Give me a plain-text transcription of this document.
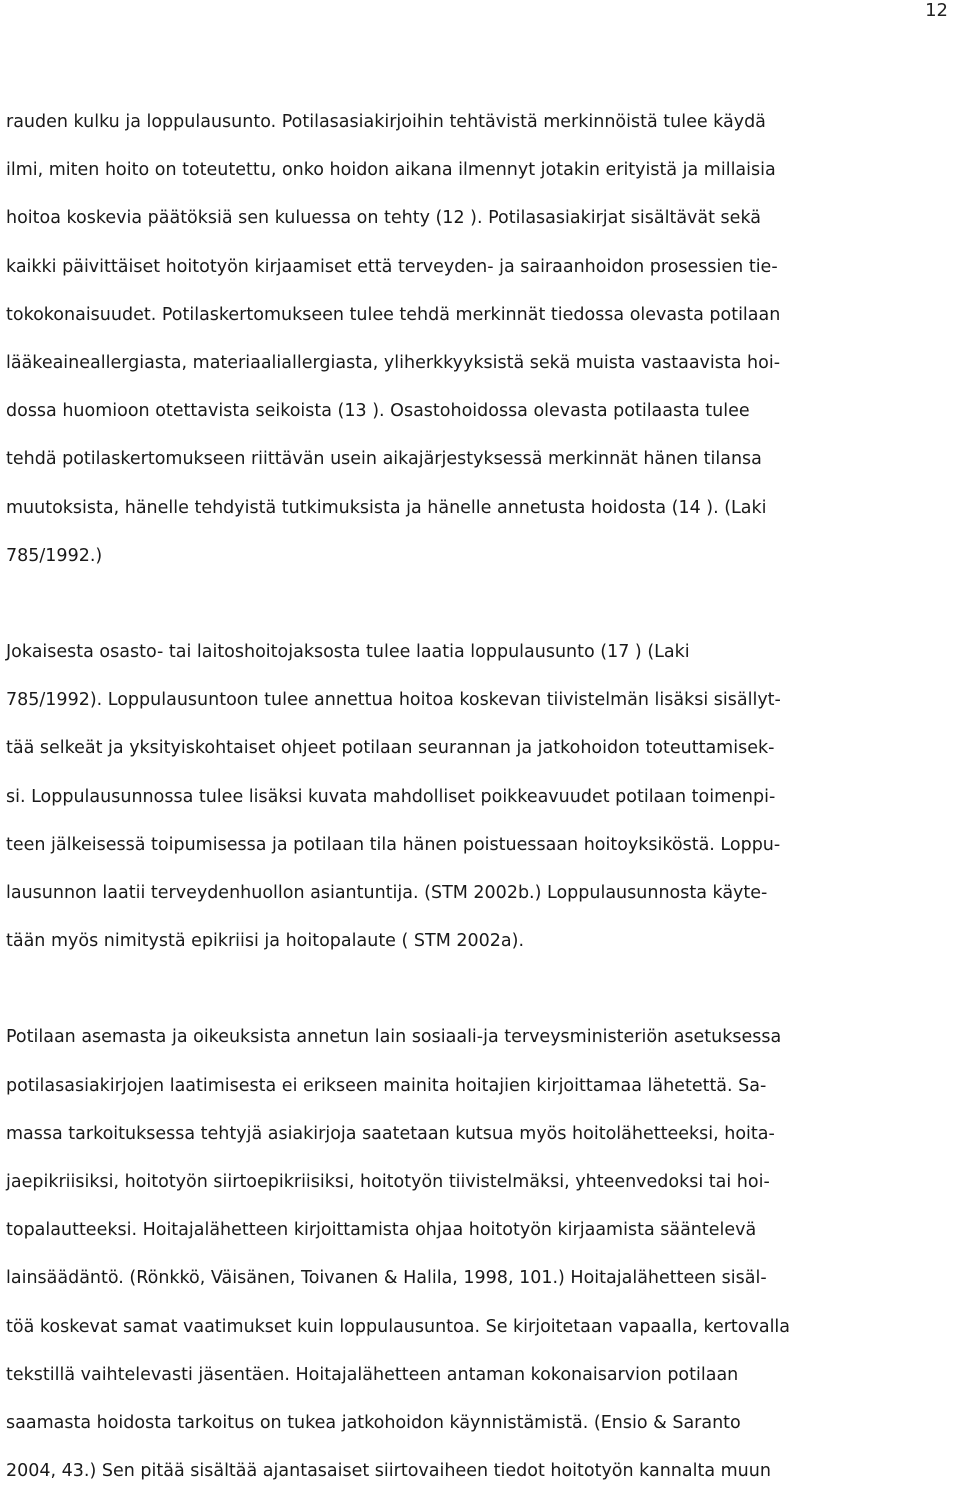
12

rauden kulku ja loppulausunto. Potilasasiakirjoihin tehtävistä merkinnöistä tulee käydä
ilmi, miten hoito on toteutettu, onko hoidon aikana ilmennyt jotakin erityistä ja millaisia
hoitoa koskevia päätöksiä sen kuluessa on tehty (12 ). Potilasasiakirjat sisältävät sekä
kaikki päivittäiset hoitotyön kirjaamiset että terveyden- ja sairaanhoidon prosessien tie-
tokokonaisuudet. Potilaskertomukseen tulee tehdä merkinnät tiedossa olevasta potilaan
lääkeaineallergiasta, materiaaliallergiasta, yliherkkyyksistä sekä muista vastaavista hoi-
dossa huomioon otettavista seikoista (13 ). Osastohoidossa olevasta potilaasta tulee
tehdä potilaskertomukseen riittävän usein aikajärjestyksessä merkinnät hänen tilansa
muutoksista, hänelle tehdyistä tutkimuksista ja hänelle annetusta hoidosta (14 ). (Laki
785/1992.)

Jokaisesta osasto- tai laitoshoitojaksosta tulee laatia loppulausunto (17 ) (Laki
785/1992). Loppulausuntoon tulee annettua hoitoa koskevan tiivistelmän lisäksi sisällyt-
tää selkeät ja yksityiskohtaiset ohjeet potilaan seurannan ja jatkohoidon toteuttamisek-
si. Loppulausunnossa tulee lisäksi kuvata mahdolliset poikkeavuudet potilaan toimenpi-
teen jälkeisessä toipumisessa ja potilaan tila hänen poistuessaan hoitoyksiköstä. Loppu-
lausunnon laatii terveydenhuollon asiantuntija. (STM 2002b.) Loppulausunnosta käyte-
tään myös nimitystä epikriisi ja hoitopalaute ( STM 2002a).

Potilaan asemasta ja oikeuksista annetun lain sosiaali-ja terveysministeriön asetuksessa
potilasasiakirjojen laatimisesta ei erikseen mainita hoitajien kirjoittamaa lähetettä. Sa-
massa tarkoituksessa tehtyjä asiakirjoja saatetaan kutsua myös hoitolähetteeksi, hoita-
jaepikriisiksi, hoitotyön siirtoepikriisiksi, hoitotyön tiivistelmäksi, yhteenvedoksi tai hoi-
topalautteeksi. Hoitajalähetteen kirjoittamista ohjaa hoitotyön kirjaamista sääntelevä
lainsäädäntö. (Rönkkö, Väisänen, Toivanen & Halila, 1998, 101.) Hoitajalähetteen sisäl-
töä koskevat samat vaatimukset kuin loppulausuntoa. Se kirjoitetaan vapaalla, kertovalla
tekstillä vaihtelevasti jäsentäen. Hoitajalähetteen antaman kokonaisarvion potilaan
saamasta hoidosta tarkoitus on tukea jatkohoidon käynnistämistä. (Ensio & Saranto
2004, 43.) Sen pitää sisältää ajantasaiset siirtovaiheen tiedot hoitotyön kannalta muun
